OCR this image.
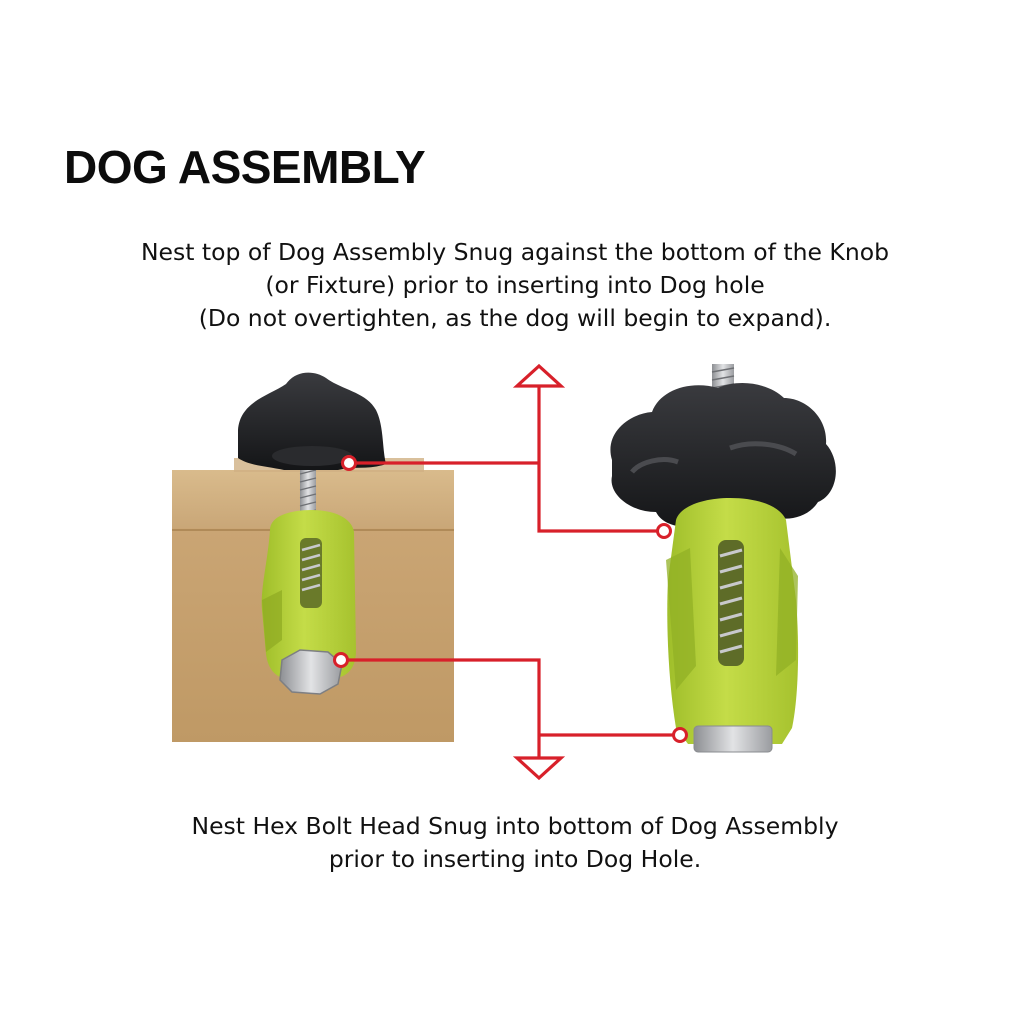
DOG ASSEMBLY
Nest top of Dog Assembly Snug against the bottom of the Knob
(or Fixture) prior to inserting into Dog hole
(Do not overtighten, as the dog will begin to expand).
Nest Hex Bolt Head Snug into bottom of Dog Assembly
prior to inserting into Dog Hole.
